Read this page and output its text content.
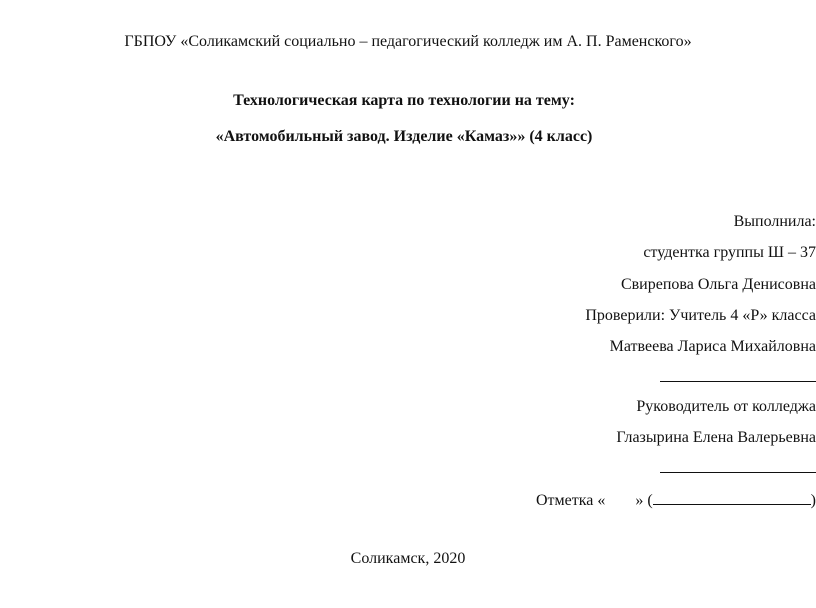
ГБПОУ «Соликамский социально – педагогический колледж им А. П. Раменского»
Технологическая карта по технологии на тему:
«Автомобильный завод. Изделие «Камаз»» (4 класс)
Выполнила:
студентка группы Ш – 37
Свирепова Ольга Денисовна
Проверили: Учитель 4 «Р» класса
Матвеева Лариса Михайловна
Руководитель от колледжа
Глазырина Елена Валерьевна
Отметка « » (	)
Соликамск, 2020
